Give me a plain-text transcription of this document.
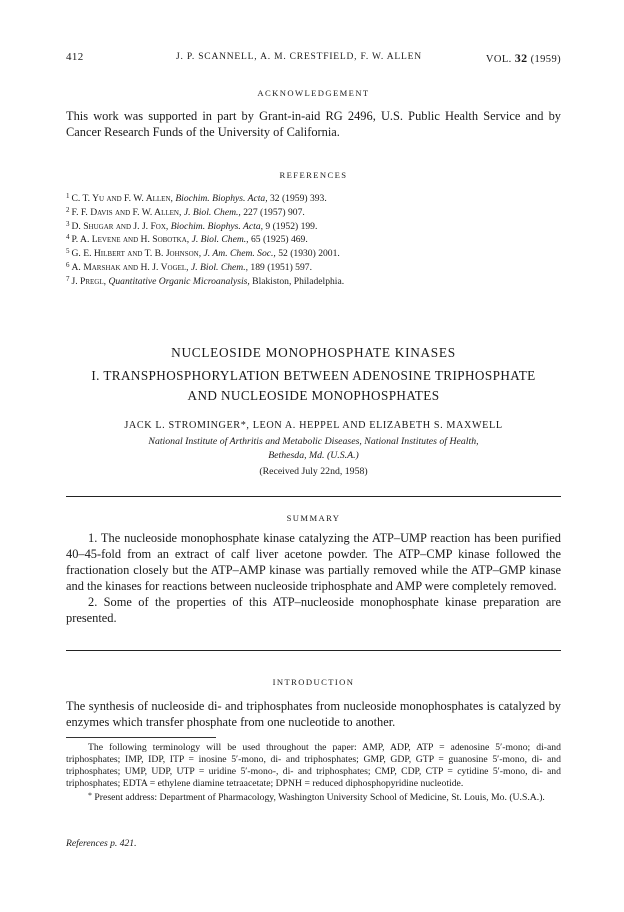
412	J. P. SCANNELL, A. M. CRESTFIELD, F. W. ALLEN	VOL. 32 (1959)
ACKNOWLEDGEMENT
This work was supported in part by Grant-in-aid RG 2496, U.S. Public Health Service and by Cancer Research Funds of the University of California.
REFERENCES
$^1$ C. T. Yu and F. W. Allen, Biochim. Biophys. Acta, 32 (1959) 393.
$^2$ F. F. Davis and F. W. Allen, J. Biol. Chem., 227 (1957) 907.
$^3$ D. Shugar and J. J. Fox, Biochim. Biophys. Acta, 9 (1952) 199.
$^4$ P. A. Levene and H. Sobotka, J. Biol. Chem., 65 (1925) 469.
$^5$ G. E. Hilbert and T. B. Johnson, J. Am. Chem. Soc., 52 (1930) 2001.
$^6$ A. Marshak and H. J. Vogel, J. Biol. Chem., 189 (1951) 597.
$^7$ J. Pregl, Quantitative Organic Microanalysis, Blakiston, Philadelphia.
NUCLEOSIDE MONOPHOSPHATE KINASES
I. TRANSPHOSPHORYLATION BETWEEN ADENOSINE TRIPHOSPHATE
AND NUCLEOSIDE MONOPHOSPHATES
JACK L. STROMINGER*, LEON A. HEPPEL AND ELIZABETH S. MAXWELL
National Institute of Arthritis and Metabolic Diseases, National Institutes of Health,
Bethesda, Md. (U.S.A.)
(Received July 22nd, 1958)
SUMMARY

1. The nucleoside monophosphate kinase catalyzing the ATP–UMP reaction has been purified 40–45-fold from an extract of calf liver acetone powder. The ATP–CMP kinase followed the fractionation closely but the ATP–AMP kinase was partially removed while the ATP–GMP kinase and the kinases for reactions between nucleoside triphosphate and AMP were completely removed.

2. Some of the properties of this ATP–nucleoside monophosphate kinase preparation are presented.

INTRODUCTION
The synthesis of nucleoside di- and triphosphates from nucleoside monophosphates is catalyzed by enzymes which transfer phosphate from one nucleotide to another.

The following terminology will be used throughout the paper: AMP, ADP, ATP = adenosine 5′-mono; di-and triphosphates; IMP, IDP, ITP = inosine 5′-mono, di- and triphosphates; GMP, GDP, GTP = guanosine 5′-mono, di- and triphosphates; UMP, UDP, UTP = uridine 5′-mono-, di- and triphosphates; CMP, CDP, CTP = cytidine 5′-mono, di- and triphosphates; EDTA = ethylene diamine tetraacetate; DPNH = reduced diphosphopyridine nucleotide.

* Present address: Department of Pharmacology, Washington University School of Medicine, St. Louis, Mo. (U.S.A.).

References p. 421.
